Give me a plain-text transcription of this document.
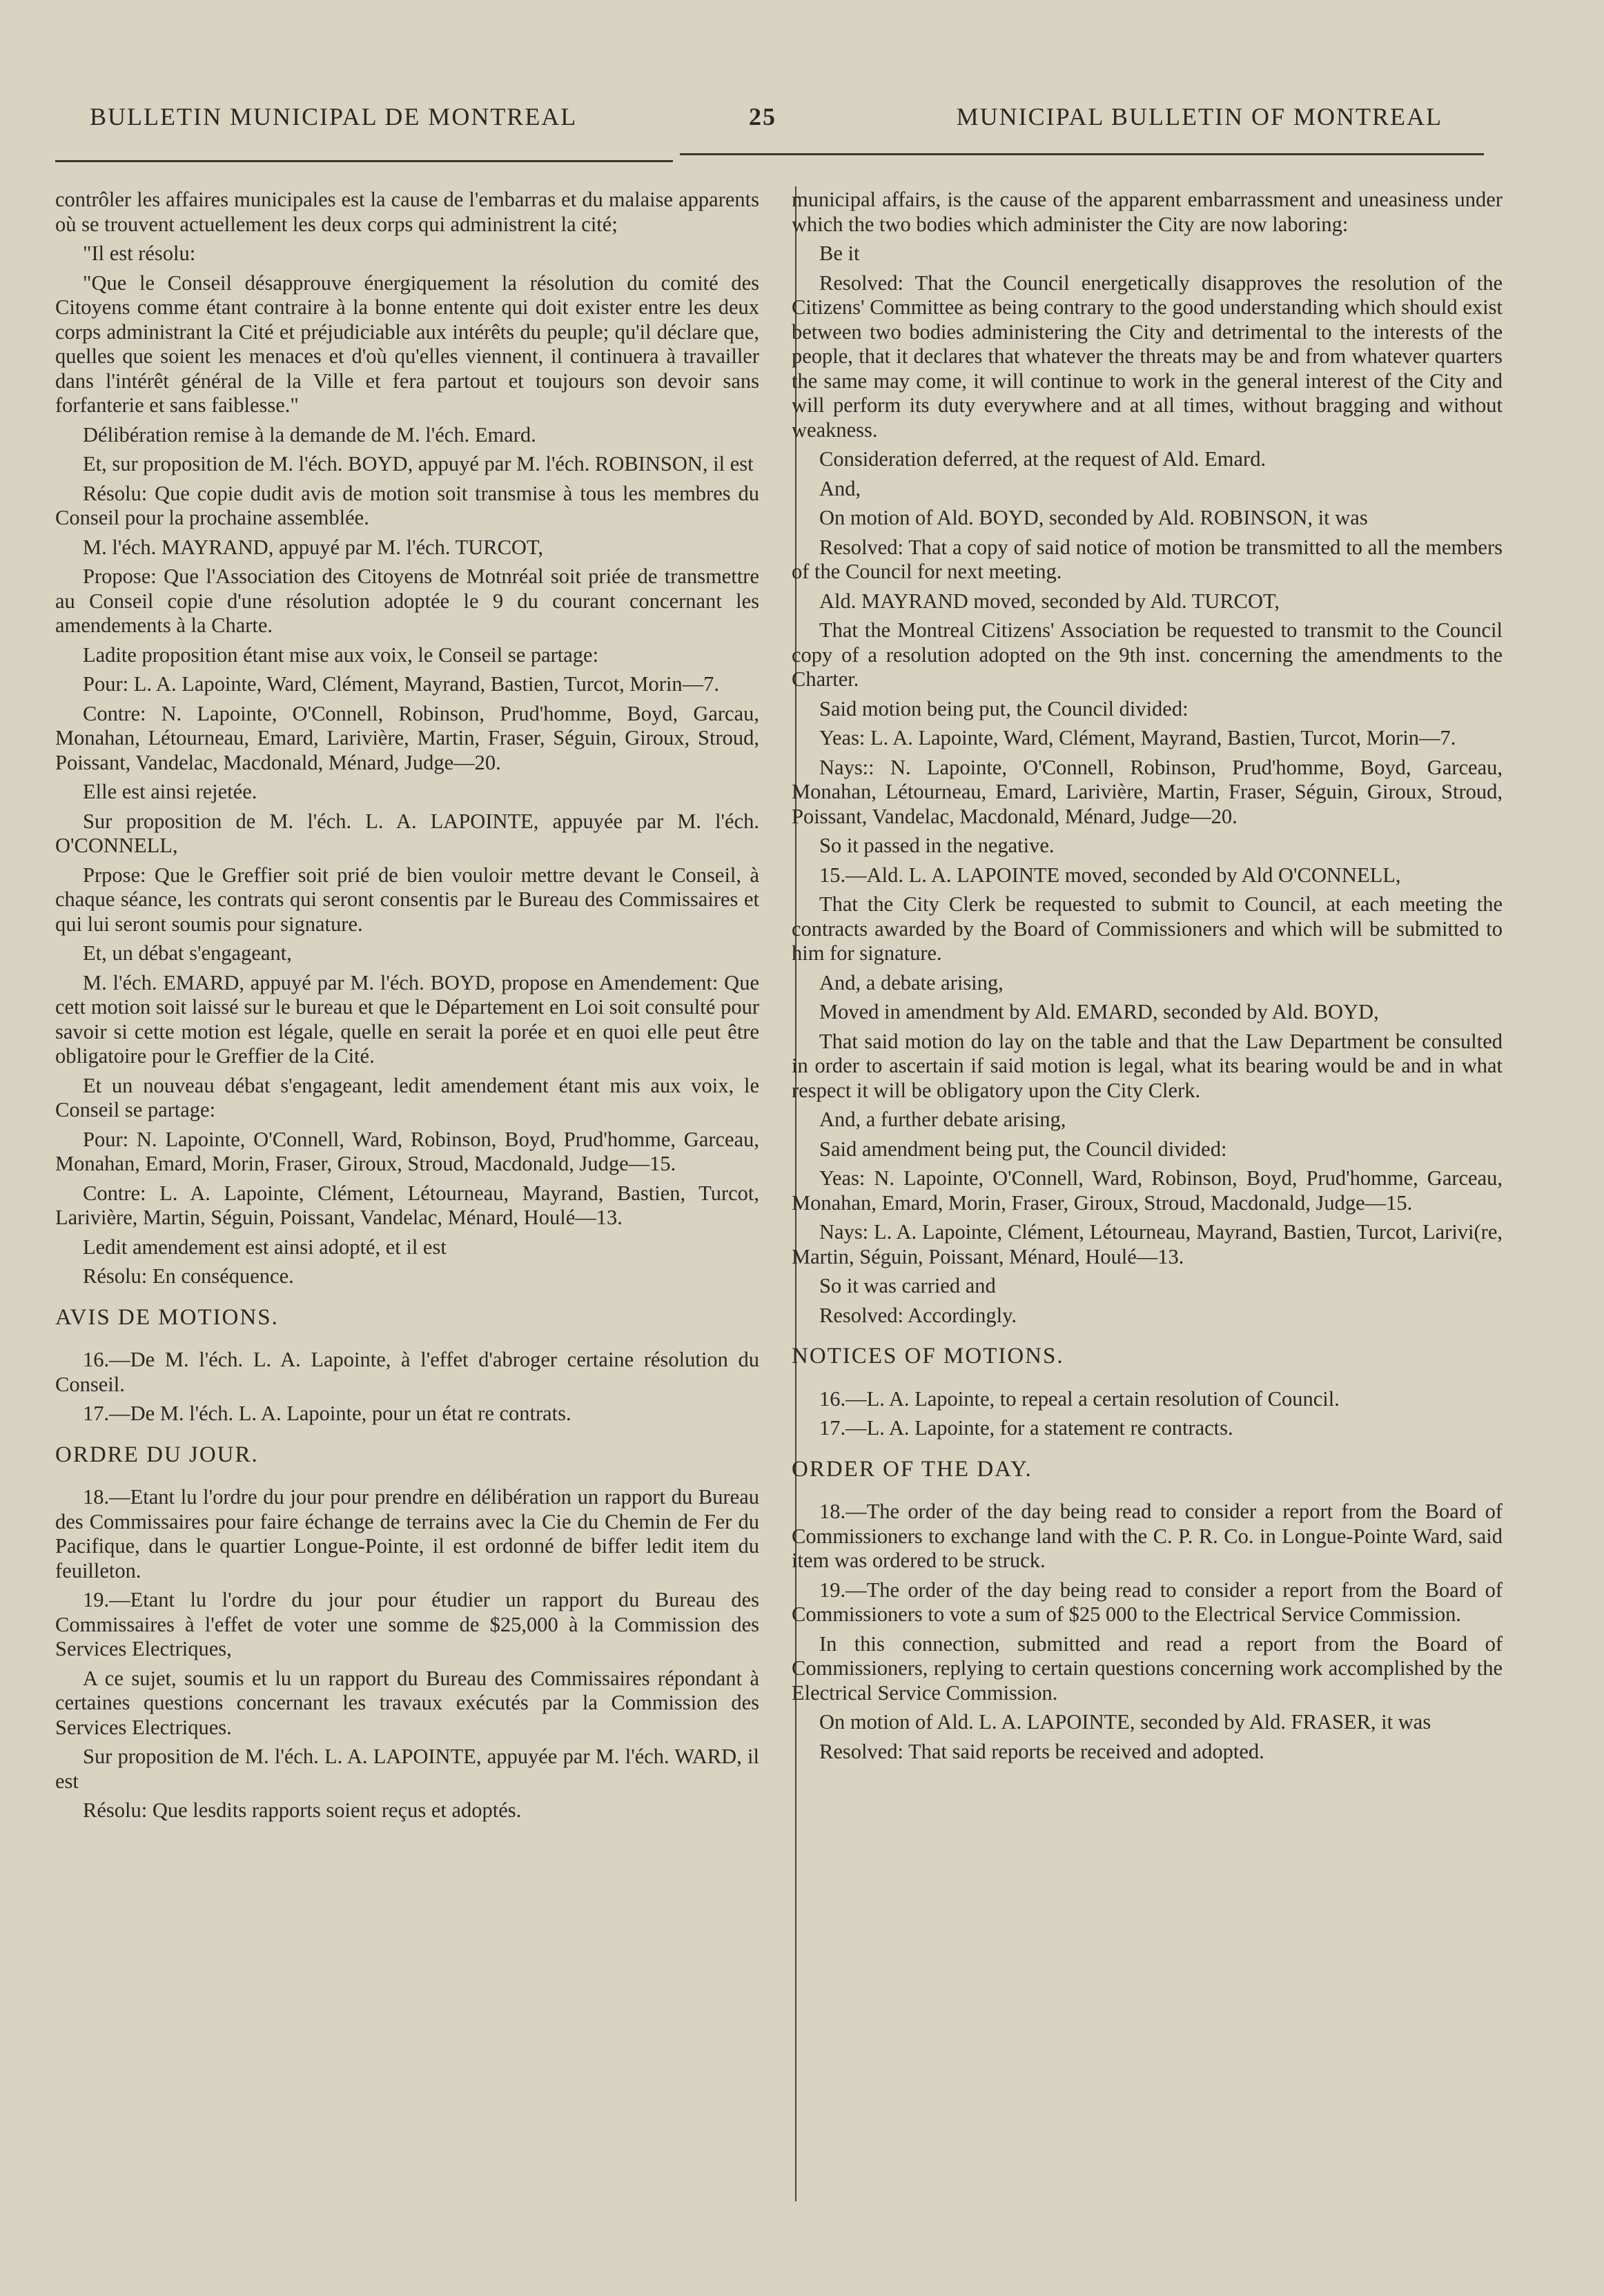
BULLETIN MUNICIPAL DE MONTREAL	25	MUNICIPAL BULLETIN OF MONTREAL

contrôler les affaires municipales est la cause de l'embarras et du malaise apparents où se trouvent actuellement les deux corps qui administrent la cité;

"Il est résolu:

"Que le Conseil désapprouve énergiquement la résolution du comité des Citoyens comme étant contraire à la bonne entente qui doit exister entre les deux corps administrant la Cité et préjudiciable aux intérêts du peuple; qu'il déclare que, quelles que soient les menaces et d'où qu'elles viennent, il continuera à travailler dans l'intérêt général de la Ville et fera partout et toujours son devoir sans forfanterie et sans faiblesse."

Délibération remise à la demande de M. l'éch. Emard.

Et, sur proposition de M. l'éch. BOYD, appuyé par M. l'éch. ROBINSON, il est

Résolu: Que copie dudit avis de motion soit transmise à tous les membres du Conseil pour la prochaine assemblée.

M. l'éch. MAYRAND, appuyé par M. l'éch. TURCOT,

Propose: Que l'Association des Citoyens de Motnréal soit priée de transmettre au Conseil copie d'une résolution adoptée le 9 du courant concernant les amendements à la Charte.

Ladite proposition étant mise aux voix, le Conseil se partage:

Pour: L. A. Lapointe, Ward, Clément, Mayrand, Bastien, Turcot, Morin—7.

Contre: N. Lapointe, O'Connell, Robinson, Prud'homme, Boyd, Garcau, Monahan, Létourneau, Emard, Larivière, Martin, Fraser, Séguin, Giroux, Stroud, Poissant, Vandelac, Macdonald, Ménard, Judge—20.

Elle est ainsi rejetée.

Sur proposition de M. l'éch. L. A. LAPOINTE, appuyée par M. l'éch. O'CONNELL,

Prpose: Que le Greffier soit prié de bien vouloir mettre devant le Conseil, à chaque séance, les contrats qui seront consentis par le Bureau des Commissaires et qui lui seront soumis pour signature.

Et, un débat s'engageant,

M. l'éch. EMARD, appuyé par M. l'éch. BOYD, propose en Amendement: Que cett motion soit laissé sur le bureau et que le Département en Loi soit consulté pour savoir si cette motion est légale, quelle en serait la porée et en quoi elle peut être obligatoire pour le Greffier de la Cité.

Et un nouveau débat s'engageant, ledit amendement étant mis aux voix, le Conseil se partage:

Pour: N. Lapointe, O'Connell, Ward, Robinson, Boyd, Prud'homme, Garceau, Monahan, Emard, Morin, Fraser, Giroux, Stroud, Macdonald, Judge—15.

Contre: L. A. Lapointe, Clément, Létourneau, Mayrand, Bastien, Turcot, Larivière, Martin, Séguin, Poissant, Vandelac, Ménard, Houlé—13.

Ledit amendement est ainsi adopté, et il est

Résolu: En conséquence.

AVIS DE MOTIONS.

16.—De M. l'éch. L. A. Lapointe, à l'effet d'abroger certaine résolution du Conseil.

17.—De M. l'éch. L. A. Lapointe, pour un état re contrats.

ORDRE DU JOUR.

18.—Etant lu l'ordre du jour pour prendre en délibération un rapport du Bureau des Commissaires pour faire échange de terrains avec la Cie du Chemin de Fer du Pacifique, dans le quartier Longue-Pointe, il est ordonné de biffer ledit item du feuilleton.

19.—Etant lu l'ordre du jour pour étudier un rapport du Bureau des Commissaires à l'effet de voter une somme de $25,000 à la Commission des Services Electriques,

A ce sujet, soumis et lu un rapport du Bureau des Commissaires répondant à certaines questions concernant les travaux exécutés par la Commission des Services Electriques.

Sur proposition de M. l'éch. L. A. LAPOINTE, appuyée par M. l'éch. WARD, il est

Résolu: Que lesdits rapports soient reçus et adoptés.

municipal affairs, is the cause of the apparent embarrassment and uneasiness under which the two bodies which administer the City are now laboring:

Be it

Resolved: That the Council energetically disapproves the resolution of the Citizens' Committee as being contrary to the good understanding which should exist between two bodies administering the City and detrimental to the interests of the people, that it declares that whatever the threats may be and from whatever quarters the same may come, it will continue to work in the general interest of the City and will perform its duty everywhere and at all times, without bragging and without weakness.

Consideration deferred, at the request of Ald. Emard.

And,

On motion of Ald. BOYD, seconded by Ald. ROBINSON, it was

Resolved: That a copy of said notice of motion be transmitted to all the members of the Council for next meeting.

Ald. MAYRAND moved, seconded by Ald. TURCOT,

That the Montreal Citizens' Association be requested to transmit to the Council copy of a resolution adopted on the 9th inst. concerning the amendments to the Charter.

Said motion being put, the Council divided:

Yeas: L. A. Lapointe, Ward, Clément, Mayrand, Bastien, Turcot, Morin—7.

Nays:: N. Lapointe, O'Connell, Robinson, Prud'homme, Boyd, Garceau, Monahan, Létourneau, Emard, Larivière, Martin, Fraser, Séguin, Giroux, Stroud, Poissant, Vandelac, Macdonald, Ménard, Judge—20.

So it passed in the negative.

15.—Ald. L. A. LAPOINTE moved, seconded by Ald O'CONNELL,

That the City Clerk be requested to submit to Council, at each meeting the contracts awarded by the Board of Commissioners and which will be submitted to him for signature.

And, a debate arising,

Moved in amendment by Ald. EMARD, seconded by Ald. BOYD,

That said motion do lay on the table and that the Law Department be consulted in order to ascertain if said motion is legal, what its bearing would be and in what respect it will be obligatory upon the City Clerk.

And, a further debate arising,

Said amendment being put, the Council divided:

Yeas: N. Lapointe, O'Connell, Ward, Robinson, Boyd, Prud'homme, Garceau, Monahan, Emard, Morin, Fraser, Giroux, Stroud, Macdonald, Judge—15.

Nays: L. A. Lapointe, Clément, Létourneau, Mayrand, Bastien, Turcot, Larivi(re, Martin, Séguin, Poissant, Ménard, Houlé—13.

So it was carried and

Resolved: Accordingly.

NOTICES OF MOTIONS.

16.—L. A. Lapointe, to repeal a certain resolution of Council.

17.—L. A. Lapointe, for a statement re contracts.

ORDER OF THE DAY.

18.—The order of the day being read to consider a report from the Board of Commissioners to exchange land with the C. P. R. Co. in Longue-Pointe Ward, said item was ordered to be struck.

19.—The order of the day being read to consider a report from the Board of Commissioners to vote a sum of $25 000 to the Electrical Service Commission.

In this connection, submitted and read a report from the Board of Commissioners, replying to certain questions concerning work accomplished by the Electrical Service Commission.

On motion of Ald. L. A. LAPOINTE, seconded by Ald. FRASER, it was

Resolved: That said reports be received and adopted.
